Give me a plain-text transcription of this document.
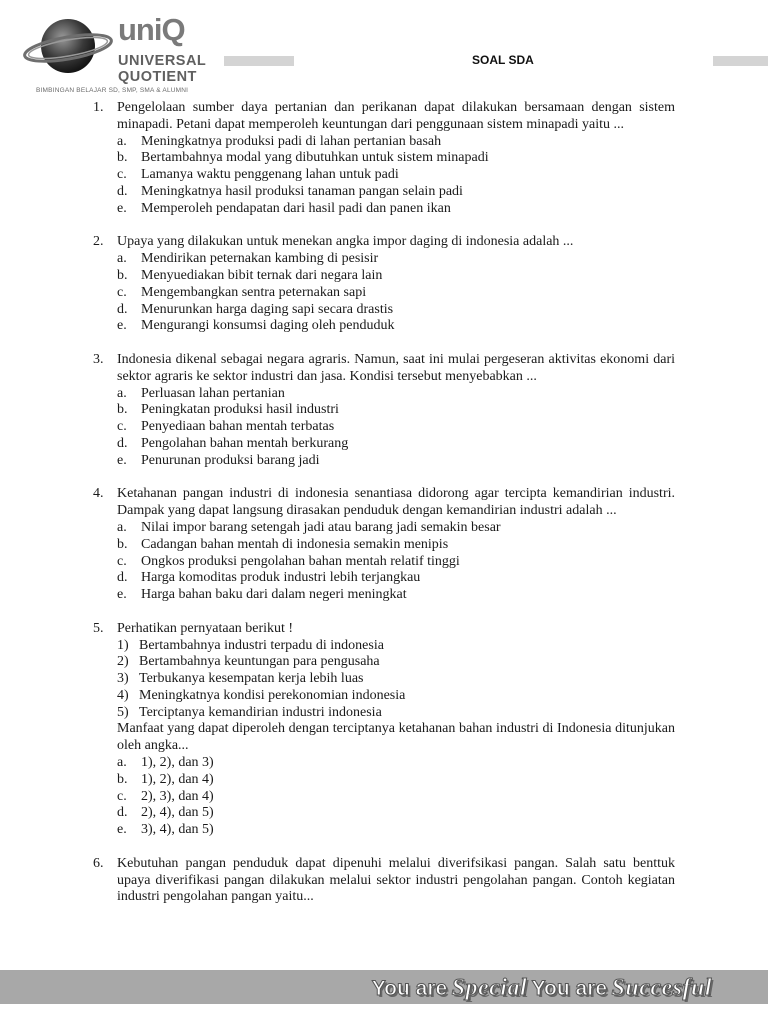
uniQ
UNIVERSAL
QUOTIENT
BIMBINGAN BELAJAR SD, SMP, SMA & ALUMNI
SOAL SDA
1. Pengelolaan sumber daya pertanian dan perikanan dapat dilakukan bersamaan dengan sistem minapadi. Petani dapat memperoleh keuntungan dari penggunaan sistem minapadi yaitu ...
a.	Meningkatnya produksi padi di lahan pertanian basah
b. Bertambahnya modal yang dibutuhkan untuk sistem minapadi
c.	Lamanya waktu penggenang lahan untuk padi
d. Meningkatnya hasil produksi tanaman pangan selain padi
e.	Memperoleh pendapatan dari hasil padi dan panen ikan
2. Upaya yang dilakukan untuk menekan angka impor daging di indonesia adalah ...
a.	Mendirikan peternakan kambing di pesisir
b. Menyuediakan bibit ternak dari negara lain
c.	Mengembangkan sentra peternakan sapi
d. Menurunkan harga daging sapi secara drastis
e.	Mengurangi konsumsi daging oleh penduduk
3. Indonesia dikenal sebagai negara agraris. Namun, saat ini mulai pergeseran aktivitas ekonomi dari sektor agraris ke sektor industri dan jasa. Kondisi tersebut menyebabkan ...
a.	Perluasan lahan pertanian
b. Peningkatan produksi hasil industri
c.	Penyediaan bahan mentah terbatas
d. Pengolahan bahan mentah berkurang
e.	Penurunan produksi barang jadi
4. Ketahanan pangan industri di indonesia senantiasa didorong agar tercipta kemandirian industri. Dampak yang dapat langsung dirasakan penduduk dengan kemandirian industri adalah ...
a.	Nilai impor barang setengah jadi atau barang jadi semakin besar
b. Cadangan bahan mentah di indonesia semakin menipis
c.	Ongkos produksi pengolahan bahan mentah relatif tinggi
d. Harga komoditas produk industri lebih terjangkau
e.	Harga bahan baku dari dalam negeri meningkat
5. Perhatikan pernyataan berikut !
1) Bertambahnya industri terpadu di indonesia
2) Bertambahnya keuntungan para pengusaha
3) Terbukanya kesempatan kerja lebih luas
4) Meningkatnya kondisi perekonomian indonesia
5) Terciptanya kemandirian industri indonesia
Manfaat yang dapat diperoleh dengan terciptanya ketahanan bahan industri di Indonesia ditunjukan oleh angka...
a.	1), 2), dan 3)
b. 1), 2), dan 4)
c.	2), 3), dan 4)
d. 2), 4), dan 5)
e.	3), 4), dan 5)
6. Kebutuhan pangan penduduk dapat dipenuhi melalui diverifsikasi pangan. Salah satu benttuk upaya diverifikasi pangan dilakukan melalui sektor industri pengolahan pangan. Contoh kegiatan industri pengolahan pangan yaitu...
You are Special You are Succesful
